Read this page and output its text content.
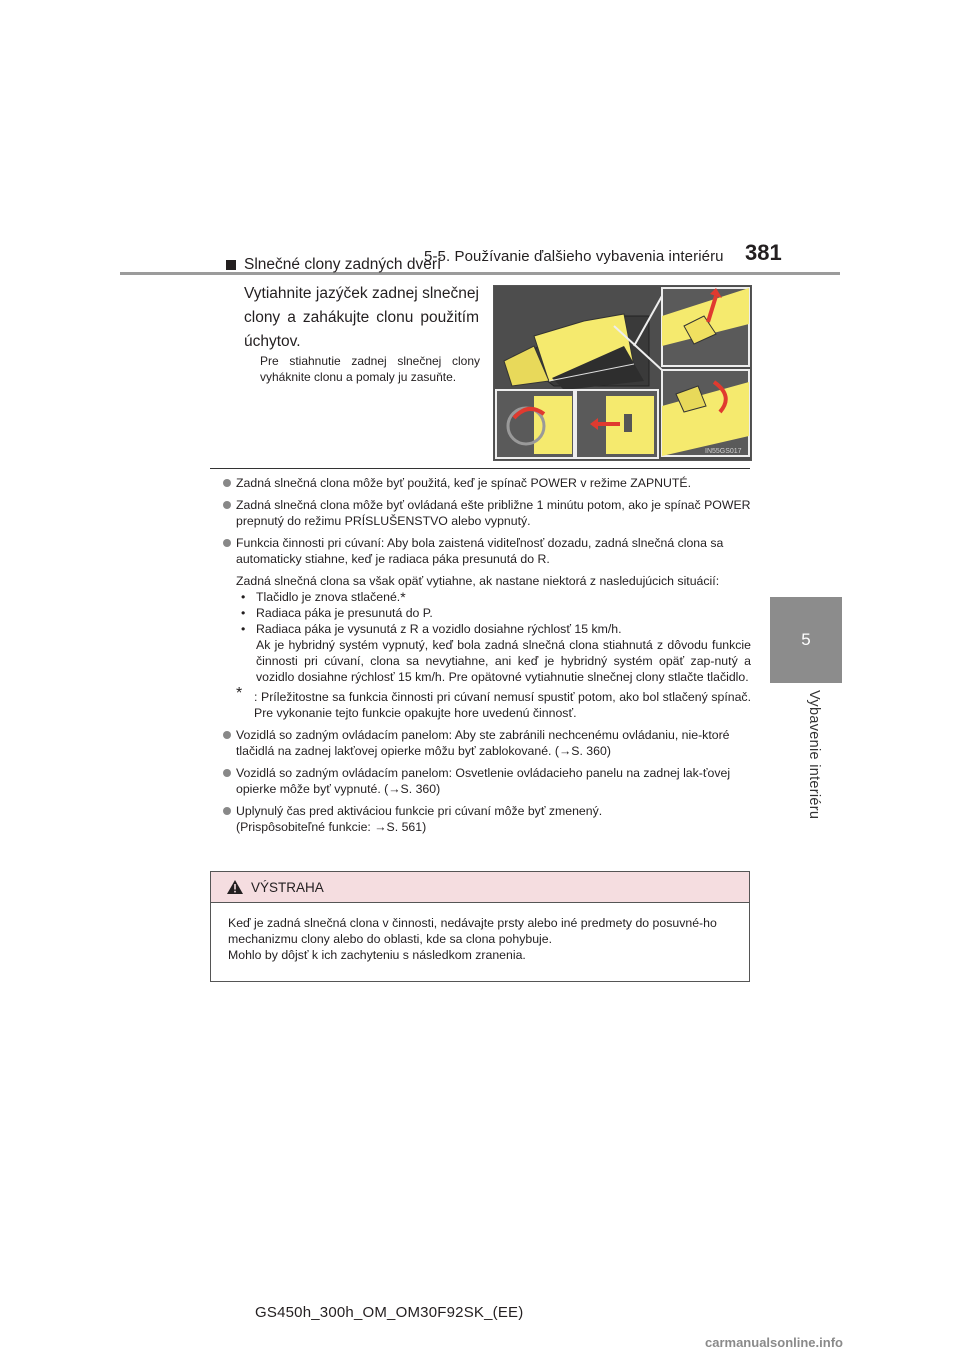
5-5. Používanie ďalšieho vybavenia interiéru 381
5
Vybavenie interiéru
Slnečné clony zadných dverí
Vytiahnite jazýček zadnej slnečnej clony a zahákujte clonu použitím úchytov.
Pre stiahnutie zadnej slnečnej clony vyháknite clonu a pomaly ju zasuňte.
IN55GS017

Zadná slnečná clona môže byť použitá, keď je spínač POWER v režime ZAPNUTÉ.

Zadná slnečná clona môže byť ovládaná ešte približne 1 minútu potom, ako je spínač POWER prepnutý do režimu PRÍSLUŠENSTVO alebo vypnutý.

Funkcia činnosti pri cúvaní: Aby bola zaistená viditeľnosť dozadu, zadná slnečná clona sa automaticky stiahne, keď je radiaca páka presunutá do R.

Zadná slnečná clona sa však opäť vytiahne, ak nastane niektorá z nasledujúcich situácií:

• Tlačidlo je znova stlačené.*
• Radiaca páka je presunutá do P.
• Radiaca páka je vysunutá z R a vozidlo dosiahne rýchlosť 15 km/h.

Ak je hybridný systém vypnutý, keď bola zadná slnečná clona stiahnutá z dôvodu funkcie činnosti pri cúvaní, clona sa nevytiahne, ani keď je hybridný systém opäť zap-nutý a vozidlo dosiahne rýchlosť 15 km/h. Pre opätovné vytiahnutie slnečnej clony stlačte tlačidlo.

* : Príležitostne sa funkcia činnosti pri cúvaní nemusí spustiť potom, ako bol stlačený spínač. Pre vykonanie tejto funkcie opakujte hore uvedenú činnosť.

Vozidlá so zadným ovládacím panelom: Aby ste zabránili nechcenému ovládaniu, nie-ktoré tlačidlá na zadnej lakťovej opierke môžu byť zablokované. (→S. 360)

Vozidlá so zadným ovládacím panelom: Osvetlenie ovládacieho panelu na zadnej lak-ťovej opierke môže byť vypnuté. (→S. 360)

Uplynulý čas pred aktiváciou funkcie pri cúvaní môže byť zmenený.

(Prispôsobiteľné funkcie: →S. 561)

VÝSTRAHA

Keď je zadná slnečná clona v činnosti, nedávajte prsty alebo iné predmety do posuvné-ho mechanizmu clony alebo do oblasti, kde sa clona pohybuje.

Mohlo by dôjsť k ich zachyteniu s následkom zranenia.

GS450h_300h_OM_OM30F92SK_(EE)
carmanualsonline.info
